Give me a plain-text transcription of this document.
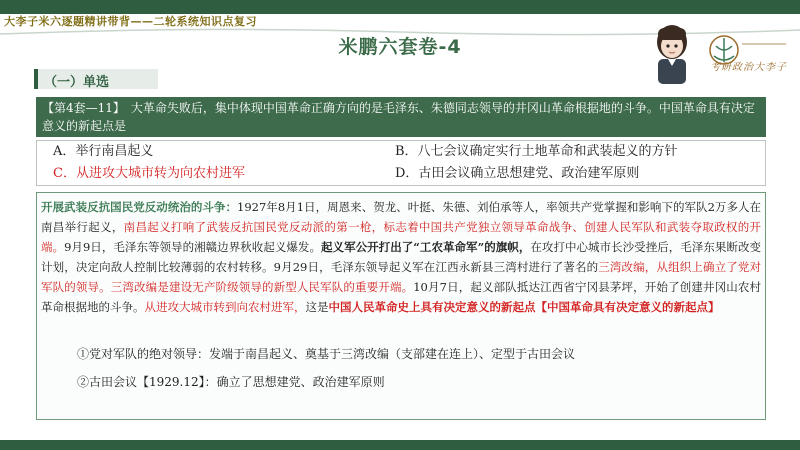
大李子米六逐题精讲带背——二轮系统知识点复习
米鹏六套卷-4
考研政治大李子
（一）单选
【第4套—11】 大革命失败后，集中体现中国革命正确方向的是毛泽东、朱德同志领导的井冈山革命根据地的斗争。中国革命具有决定意义的新起点是
A．举行南昌起义	B．八七会议确定实行土地革命和武装起义的方针
C．从进攻大城市转为向农村进军	D．古田会议确立思想建党、政治建军原则
开展武装反抗国民党反动统治的斗争：1927年8月1日，周恩来、贺龙、叶挺、朱德、刘伯承等人，率领共产党掌握和影响下的军队2万多人在南昌举行起义，南昌起义打响了武装反抗国民党反动派的第一枪，标志着中国共产党独立领导革命战争、创建人民军队和武装夺取政权的开端。9月9日，毛泽东等领导的湘赣边界秋收起义爆发。起义军公开打出了“工农革命军”的旗帜，在攻打中心城市长沙受挫后，毛泽东果断改变计划，决定向敌人控制比较薄弱的农村转移。9月29日，毛泽东领导起义军在江西永新县三湾村进行了著名的三湾改编，从组织上确立了党对军队的领导。三湾改编是建设无产阶级领导的新型人民军队的重要开端。10月7日，起义部队抵达江西省宁冈县茅坪，开始了创建井冈山农村革命根据地的斗争。从进攻大城市转到向农村进军，这是中国人民革命史上具有决定意义的新起点【中国革命具有决定意义的新起点】
①党对军队的绝对领导：发端于南昌起义、奠基于三湾改编（支部建在连上）、定型于古田会议
②古田会议【1929.12】：确立了思想建党、政治建军原则
